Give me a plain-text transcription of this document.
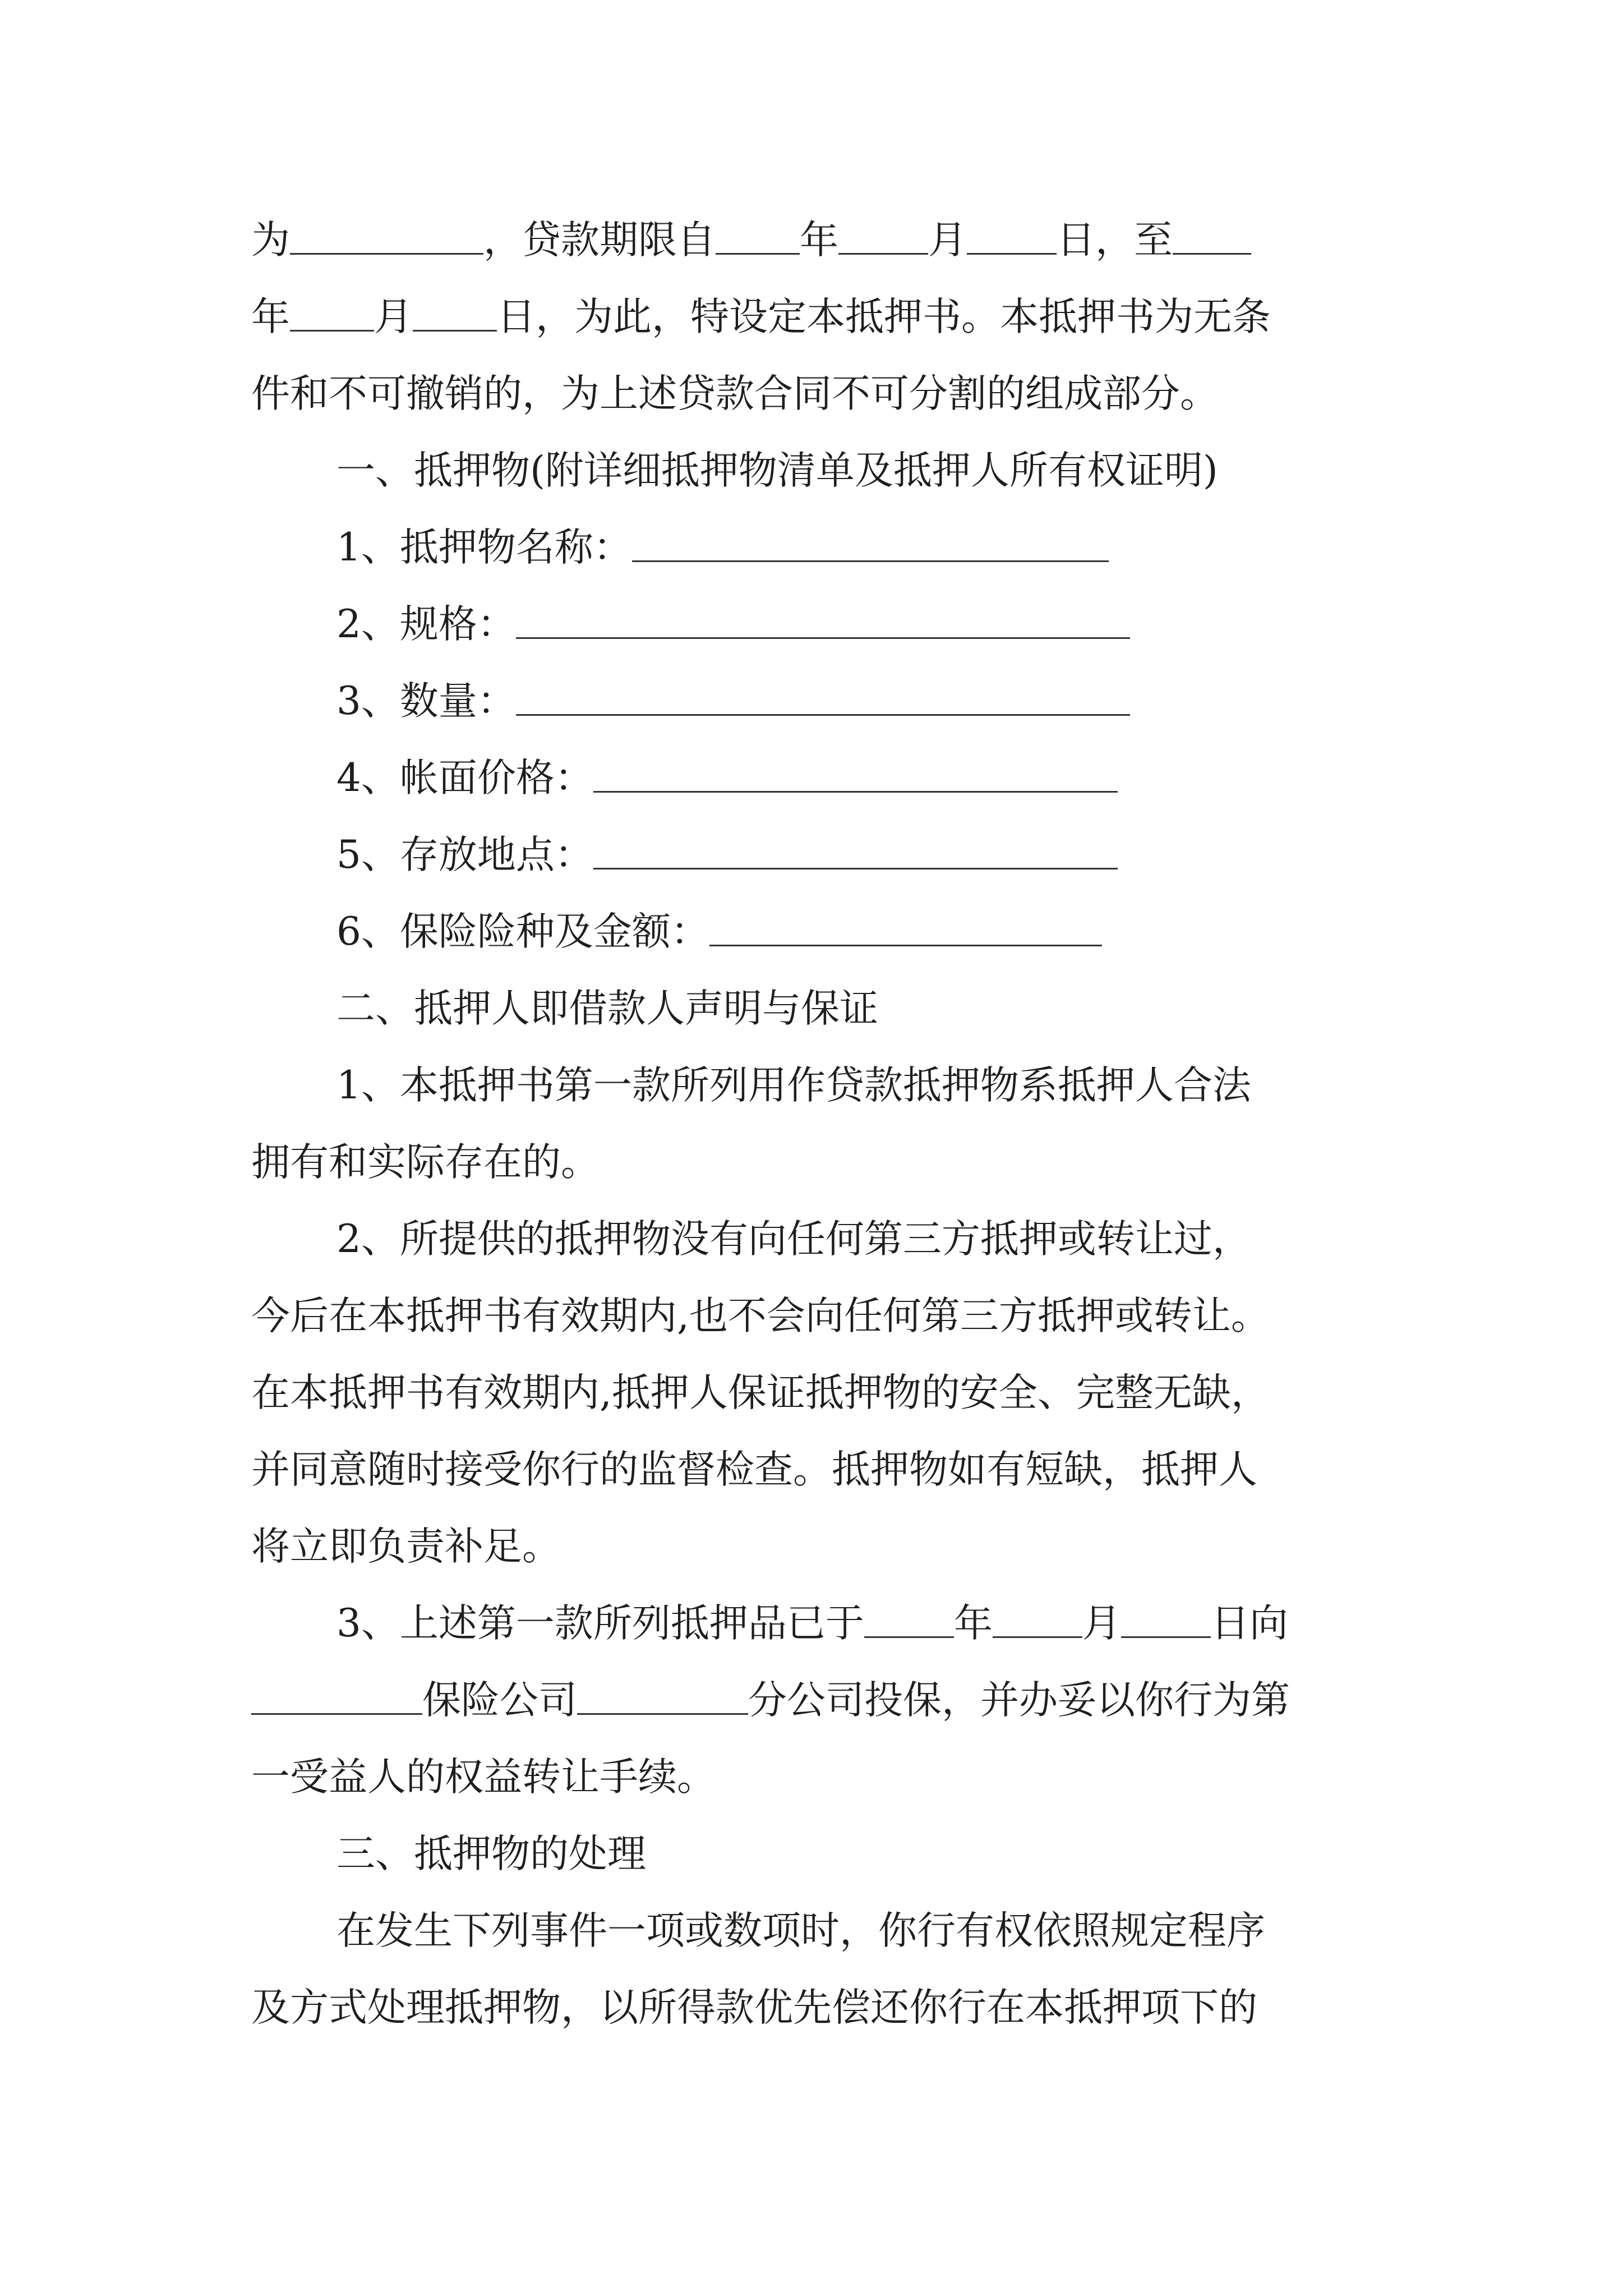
为	，贷款期限自 年 月 日，至
年 月 日，为此，特设定本抵押书。本抵押书为无条
件和不可撤销的，为上述贷款合同不可分割的组成部分。
一、抵押物(附详细抵押物清单及抵押人所有权证明)
1、抵押物名称：
2、规格：
3、数量：
4、帐面价格：
5、存放地点：
6、保险险种及金额：
二、抵押人即借款人声明与保证
1、本抵押书第一款所列用作贷款抵押物系抵押人合法
拥有和实际存在的。
2、所提供的抵押物没有向任何第三方抵押或转让过，
今后在本抵押书有效期内,也不会向任何第三方抵押或转让。
在本抵押书有效期内,抵押人保证抵押物的安全、完整无缺，
并同意随时接受你行的监督检查。抵押物如有短缺，抵押人
将立即负责补足。
3、上述第一款所列抵押品已于 年 月 日向
保险公司	分公司投保，并办妥以你行为第
一受益人的权益转让手续。
三、抵押物的处理
在发生下列事件一项或数项时，你行有权依照规定程序
及方式处理抵押物，以所得款优先偿还你行在本抵押项下的
